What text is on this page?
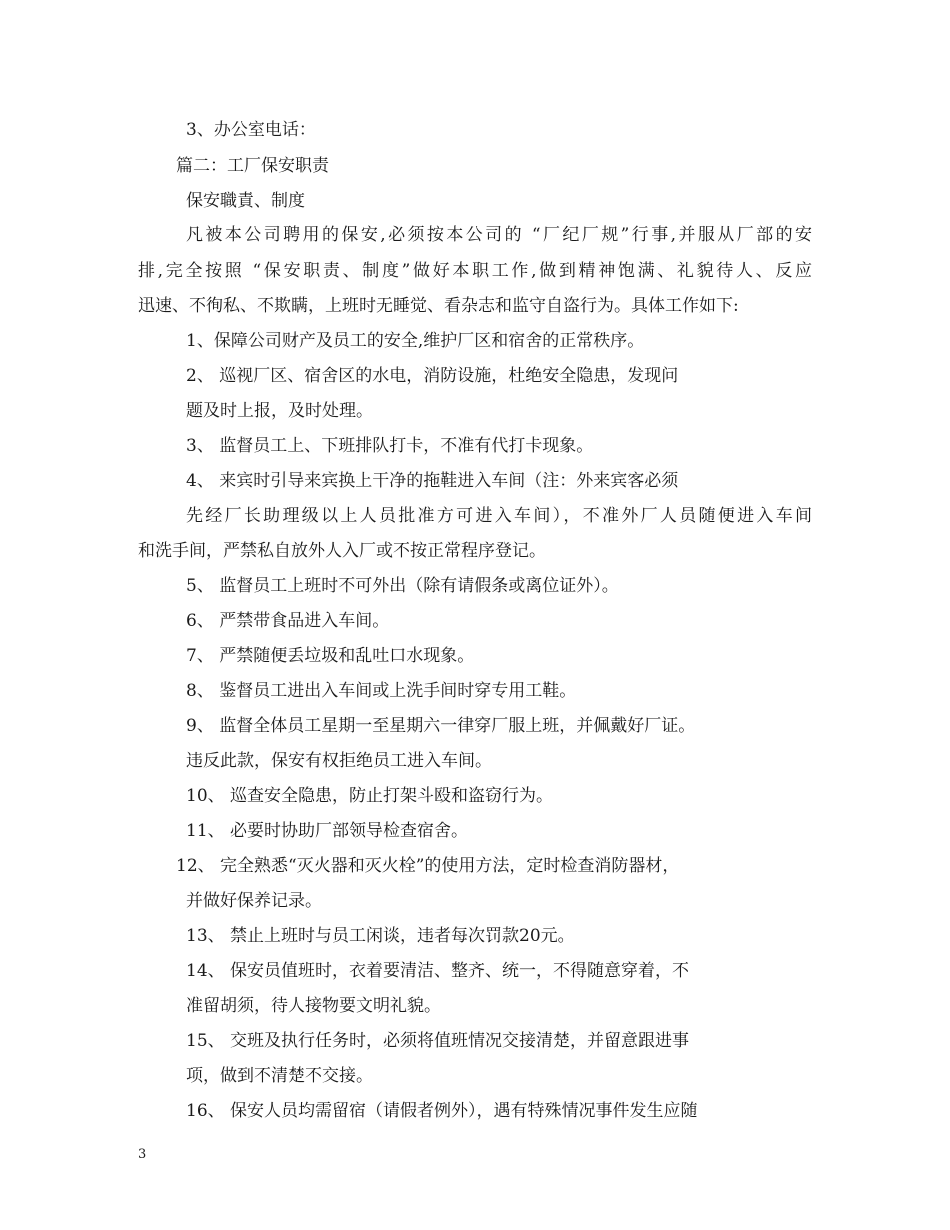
3、办公室电话：
篇二：工厂保安职责
保安職責、制度
凡被本公司聘用的保安,必须按本公司的 “厂纪厂规”行事,并服从厂部的安
排,完全按照 “保安职责、制度”做好本职工作,做到精神饱满、礼貌待人、反应
迅速、不徇私、不欺瞒，上班时无睡觉、看杂志和监守自盗行为。具体工作如下:
1、保障公司财产及员工的安全,维护厂区和宿舍的正常秩序。
2、 巡视厂区、宿舍区的水电，消防设施，杜绝安全隐患，发现问
题及时上报，及时处理。
3、 监督员工上、下班排队打卡，不准有代打卡现象。
4、 来宾时引导来宾换上干净的拖鞋进入车间（注：外来宾客必须
先经厂长助理级以上人员批准方可进入车间），不准外厂人员随便进入车间
和洗手间，严禁私自放外人入厂或不按正常程序登记。
5、 监督员工上班时不可外出（除有请假条或离位证外）。
6、 严禁带食品进入车间。
7、 严禁随便丢垃圾和乱吐口水现象。
8、 鉴督员工进出入车间或上洗手间时穿专用工鞋。
9、 监督全体员工星期一至星期六一律穿厂服上班，并佩戴好厂证。
违反此款，保安有权拒绝员工进入车间。
10、 巡查安全隐患，防止打架斗殴和盗窃行为。
11、 必要时协助厂部领导检查宿舍。
12、 完全熟悉“灭火器和灭火栓”的使用方法，定时检查消防器材，
并做好保养记录。
13、 禁止上班时与员工闲谈，违者每次罚款20元。
14、 保安员值班时，衣着要清洁、整齐、统一，不得随意穿着，不
准留胡须，待人接物要文明礼貌。
15、 交班及执行任务时，必须将值班情况交接清楚，并留意跟进事
项，做到不清楚不交接。
16、 保安人员均需留宿（请假者例外），遇有特殊情况事件发生应随
3
